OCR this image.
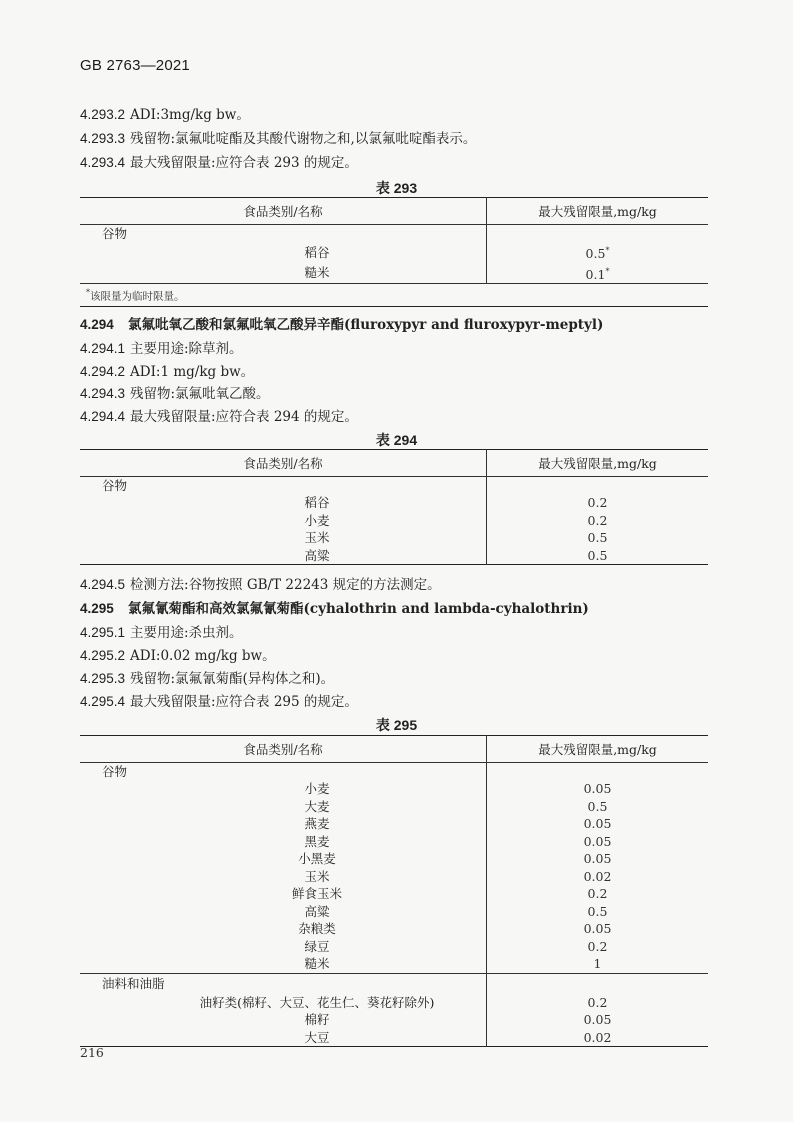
GB 2763—2021
4.293.2 ADI:3mg/kg bw。
4.293.3 残留物:氯氟吡啶酯及其酸代谢物之和,以氯氟吡啶酯表示。
4.293.4 最大残留限量:应符合表 293 的规定。
表 293
食品类别/名称	最大残留限量,mg/kg
谷物	
稻谷	0.5*
糙米	0.1*
*该限量为临时限量。	
4.294 氯氟吡氧乙酸和氯氟吡氧乙酸异辛酯(fluroxypyr and fluroxypyr-meptyl)
4.294.1 主要用途:除草剂。
4.294.2 ADI:1 mg/kg bw。
4.294.3 残留物:氯氟吡氧乙酸。
4.294.4 最大残留限量:应符合表 294 的规定。
表 294
食品类别/名称	最大残留限量,mg/kg
谷物	
稻谷	0.2
小麦	0.2
玉米	0.5
高粱	0.5
4.294.5 检测方法:谷物按照 GB/T 22243 规定的方法测定。
4.295 氯氟氰菊酯和高效氯氟氰菊酯(cyhalothrin and lambda-cyhalothrin)
4.295.1 主要用途:杀虫剂。
4.295.2 ADI:0.02 mg/kg bw。
4.295.3 残留物:氯氟氰菊酯(异构体之和)。
4.295.4 最大残留限量:应符合表 295 的规定。
表 295
食品类别/名称	最大残留限量,mg/kg
谷物	
小麦	0.05
大麦	0.5
燕麦	0.05
黑麦	0.05
小黑麦	0.05
玉米	0.02
鲜食玉米	0.2
高粱	0.5
杂粮类	0.05
绿豆	0.2
糙米	1
油料和油脂	
油籽类(棉籽、大豆、花生仁、葵花籽除外)	0.2
棉籽	0.05
大豆	0.02
216
